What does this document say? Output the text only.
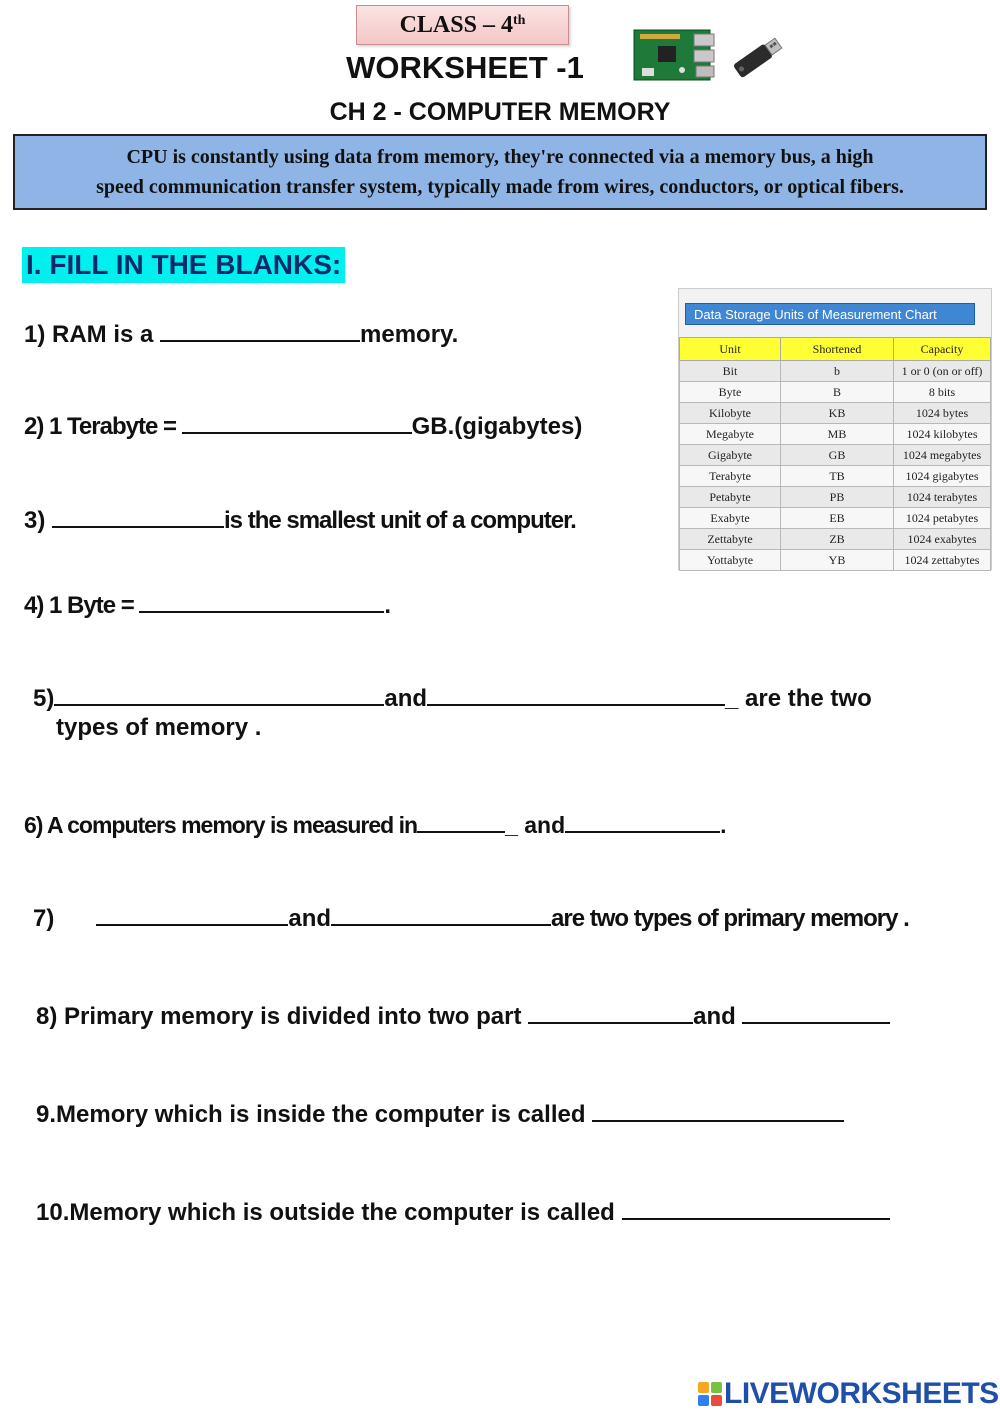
CLASS – 4th
WORKSHEET -1
CH 2 - COMPUTER MEMORY
CPU is constantly using data from memory, they're connected via a memory bus, a high
speed communication transfer system, typically made from wires, conductors, or optical fibers.
I. FILL IN THE BLANKS:
1) RAM is a	memory.
2) 1 Terabyte =	GB.(gigabytes)
3)	is the smallest unit of a computer.
4) 1 Byte =	.
5)	and	_ are the two
types of memory .
6) A computers memory is measured in	_ and	.
7)	and	are two types of primary memory .
8) Primary memory is divided into two part	and
9.Memory which is inside the computer is called
10.Memory which is outside the computer is called
Data Storage Units of Measurement Chart
Unit	Shortened	Capacity
Bit	b	1 or 0 (on or off)
Byte	B	8 bits
Kilobyte	KB	1024 bytes
Megabyte	MB	1024 kilobytes
Gigabyte	GB	1024 megabytes
Terabyte	TB	1024 gigabytes
Petabyte	PB	1024 terabytes
Exabyte	EB	1024 petabytes
Zettabyte	ZB	1024 exabytes
Yottabyte	YB	1024 zettabytes
LIVEWORKSHEETS
